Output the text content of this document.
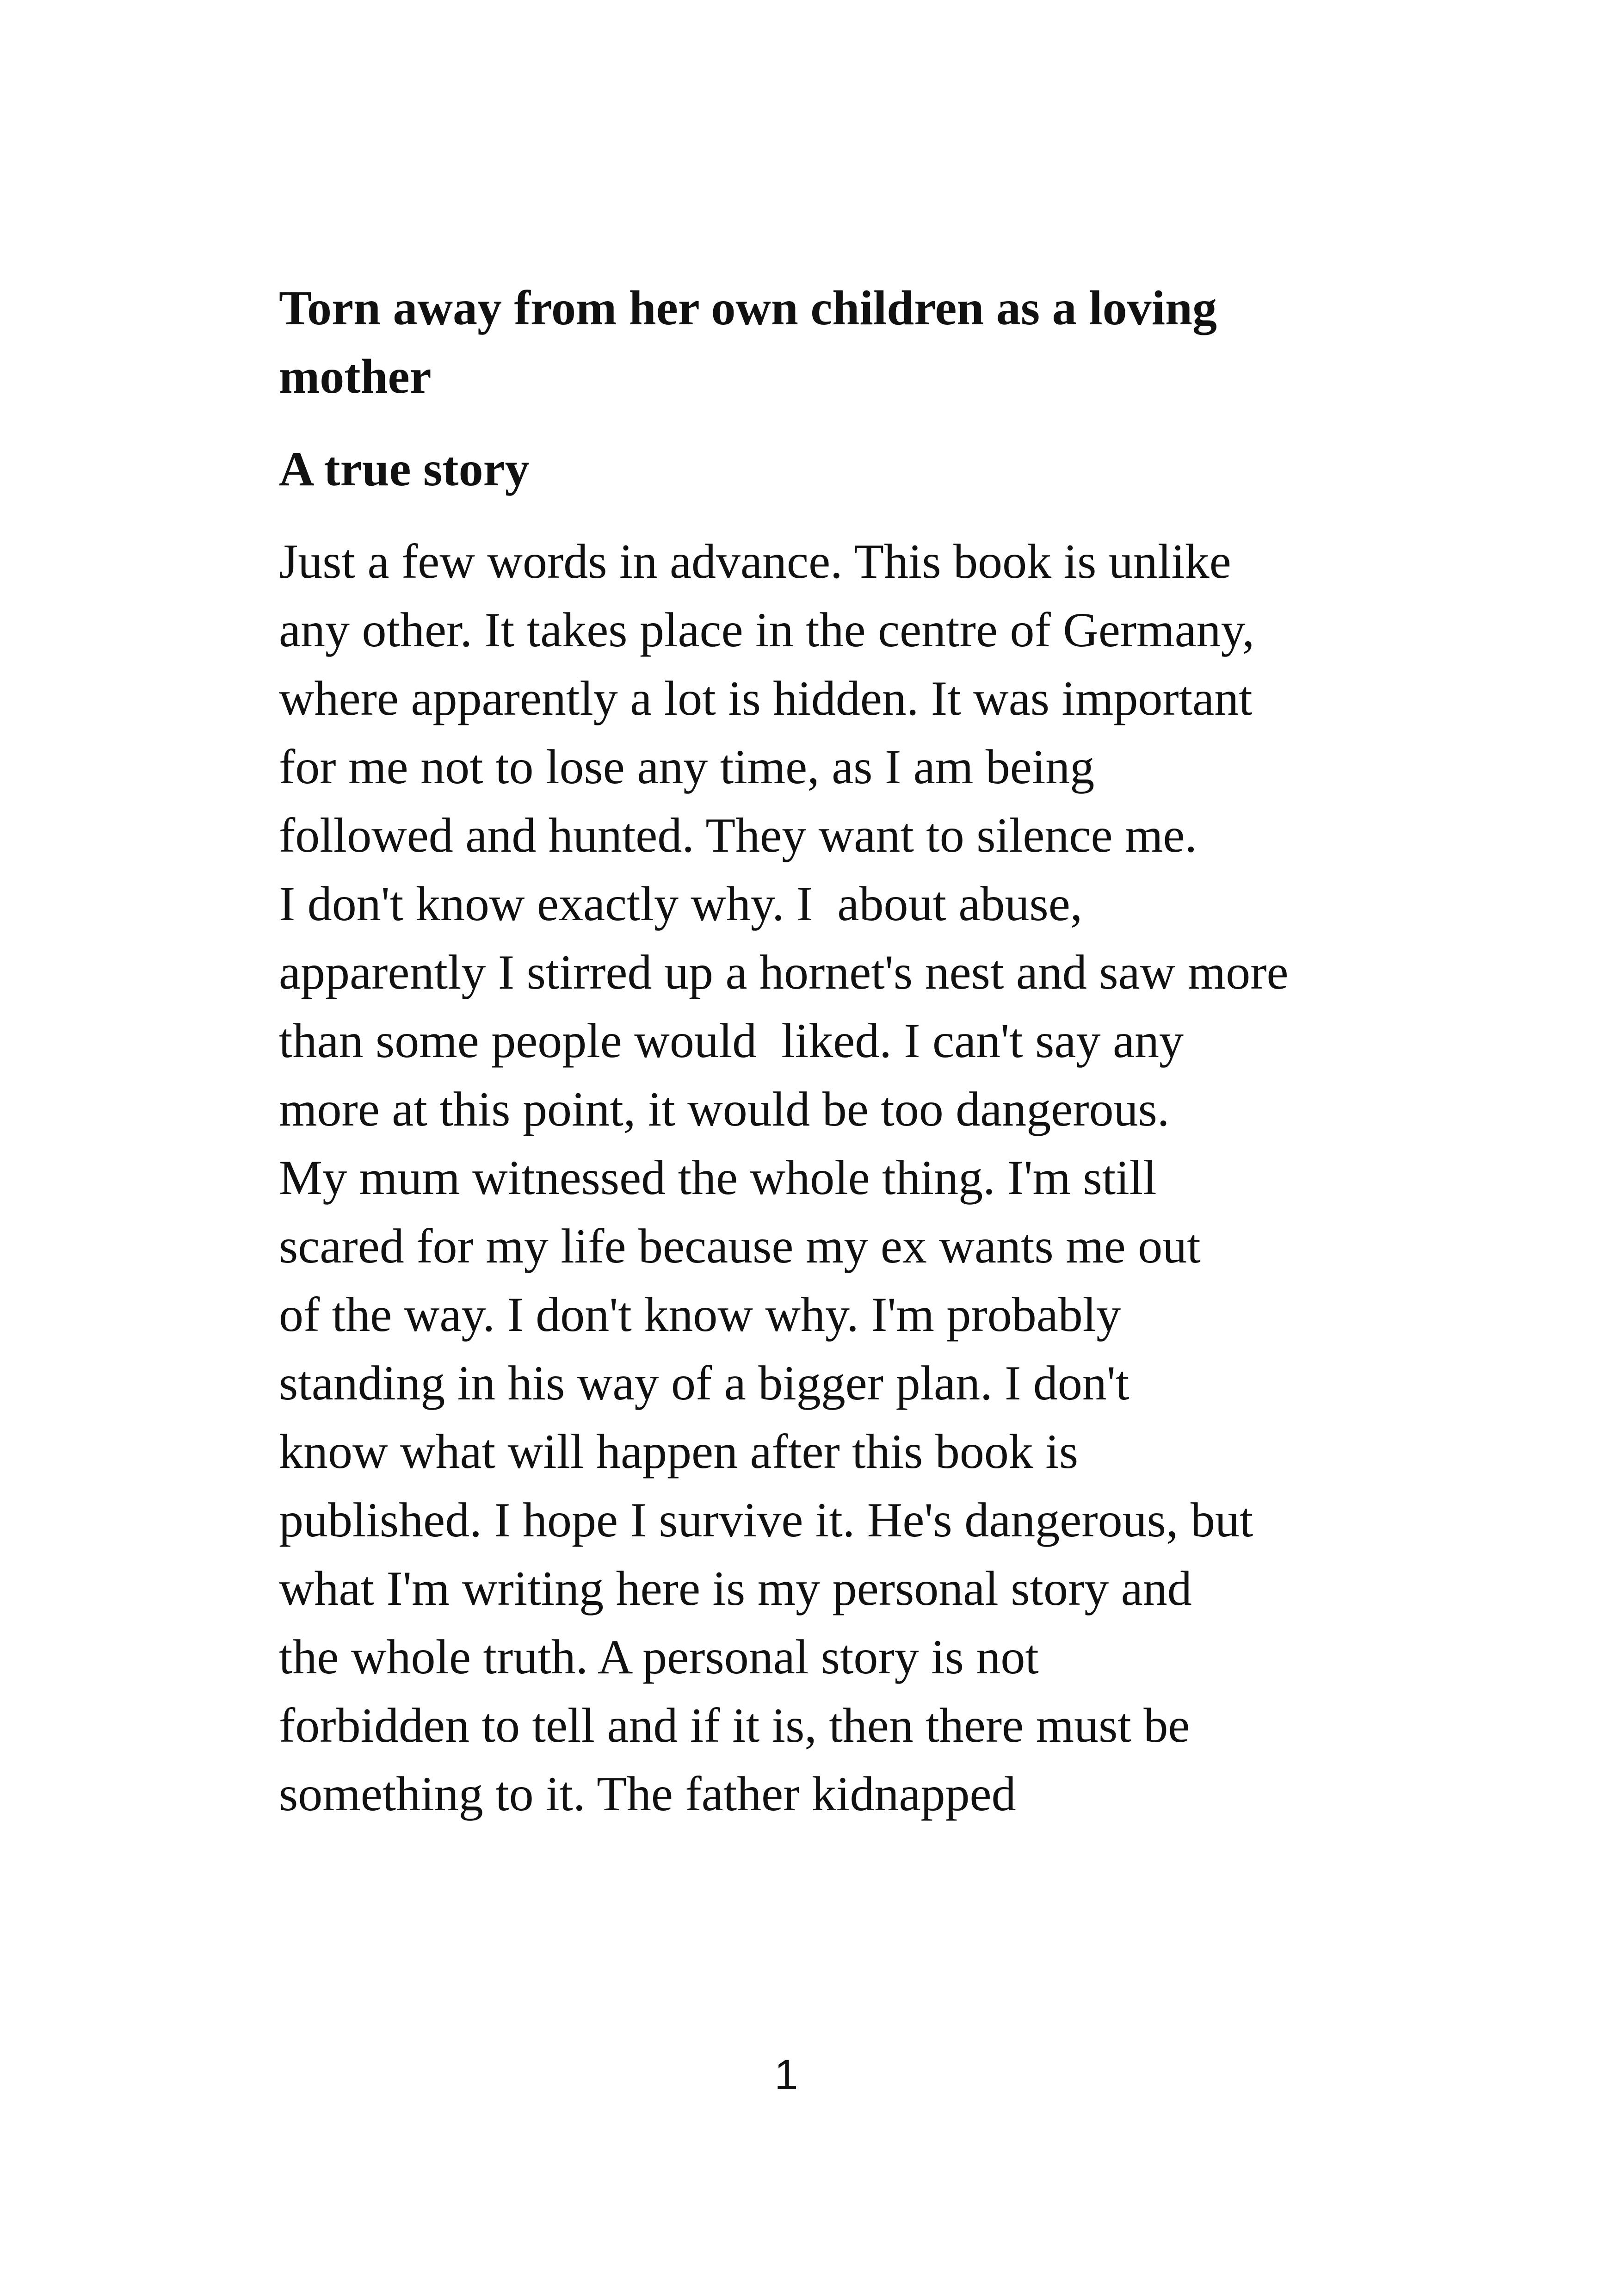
Torn away from her own children as a loving
mother
A true story
Just a few words in advance. This book is unlike
any other. It takes place in the centre of Germany,
where apparently a lot is hidden. It was important
for me not to lose any time, as I am being
followed and hunted. They want to silence me.
I don't know exactly why. I  about abuse,
apparently I stirred up a hornet's nest and saw more
than some people would  liked. I can't say any
more at this point, it would be too dangerous.
My mum witnessed the whole thing. I'm still
scared for my life because my ex wants me out
of the way. I don't know why. I'm probably
standing in his way of a bigger plan. I don't
know what will happen after this book is
published. I hope I survive it. He's dangerous, but
what I'm writing here is my personal story and
the whole truth. A personal story is not
forbidden to tell and if it is, then there must be
something to it. The father kidnapped
1
